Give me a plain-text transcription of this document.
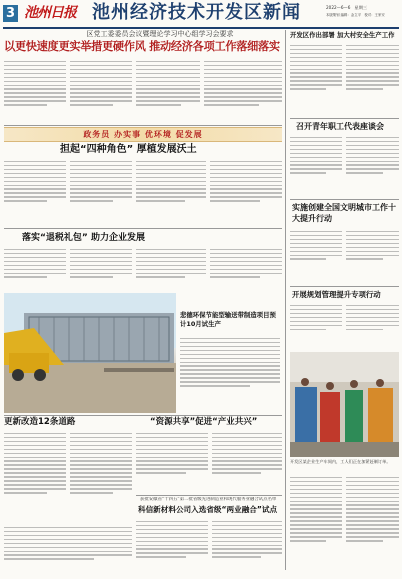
3 池州日报 池州经济技术开发区新闻	2022—6—6　星期三
本版策划 编辑：金立平　校对：王家安
区党工委委员会议暨理论学习中心组学习会要求
以更快速度更实举措更硬作风 推动经济各项工作落细落实
政务员 办实事 优环境 促发展
担起“四种角色” 厚植发展沃土
落实“退税礼包” 助力企业发展
悲德环保节能型输送带制造项目预计10月试生产
更新改造12条道路	“资源共享”促进“产业共兴”
获批安徽省“十四五”第二批省级先进制造业和现代服务业融合试点名单
科信新材料公司入选省级“两业融合”试点
开发区作出部署 加大村安全生产工作
召开青年职工代表座谈会
实施创建全国文明城市工作十大提升行动
开展规划管理提升专项行动
开发区某企业生产车间内，工人们正在加紧赶制订单。
